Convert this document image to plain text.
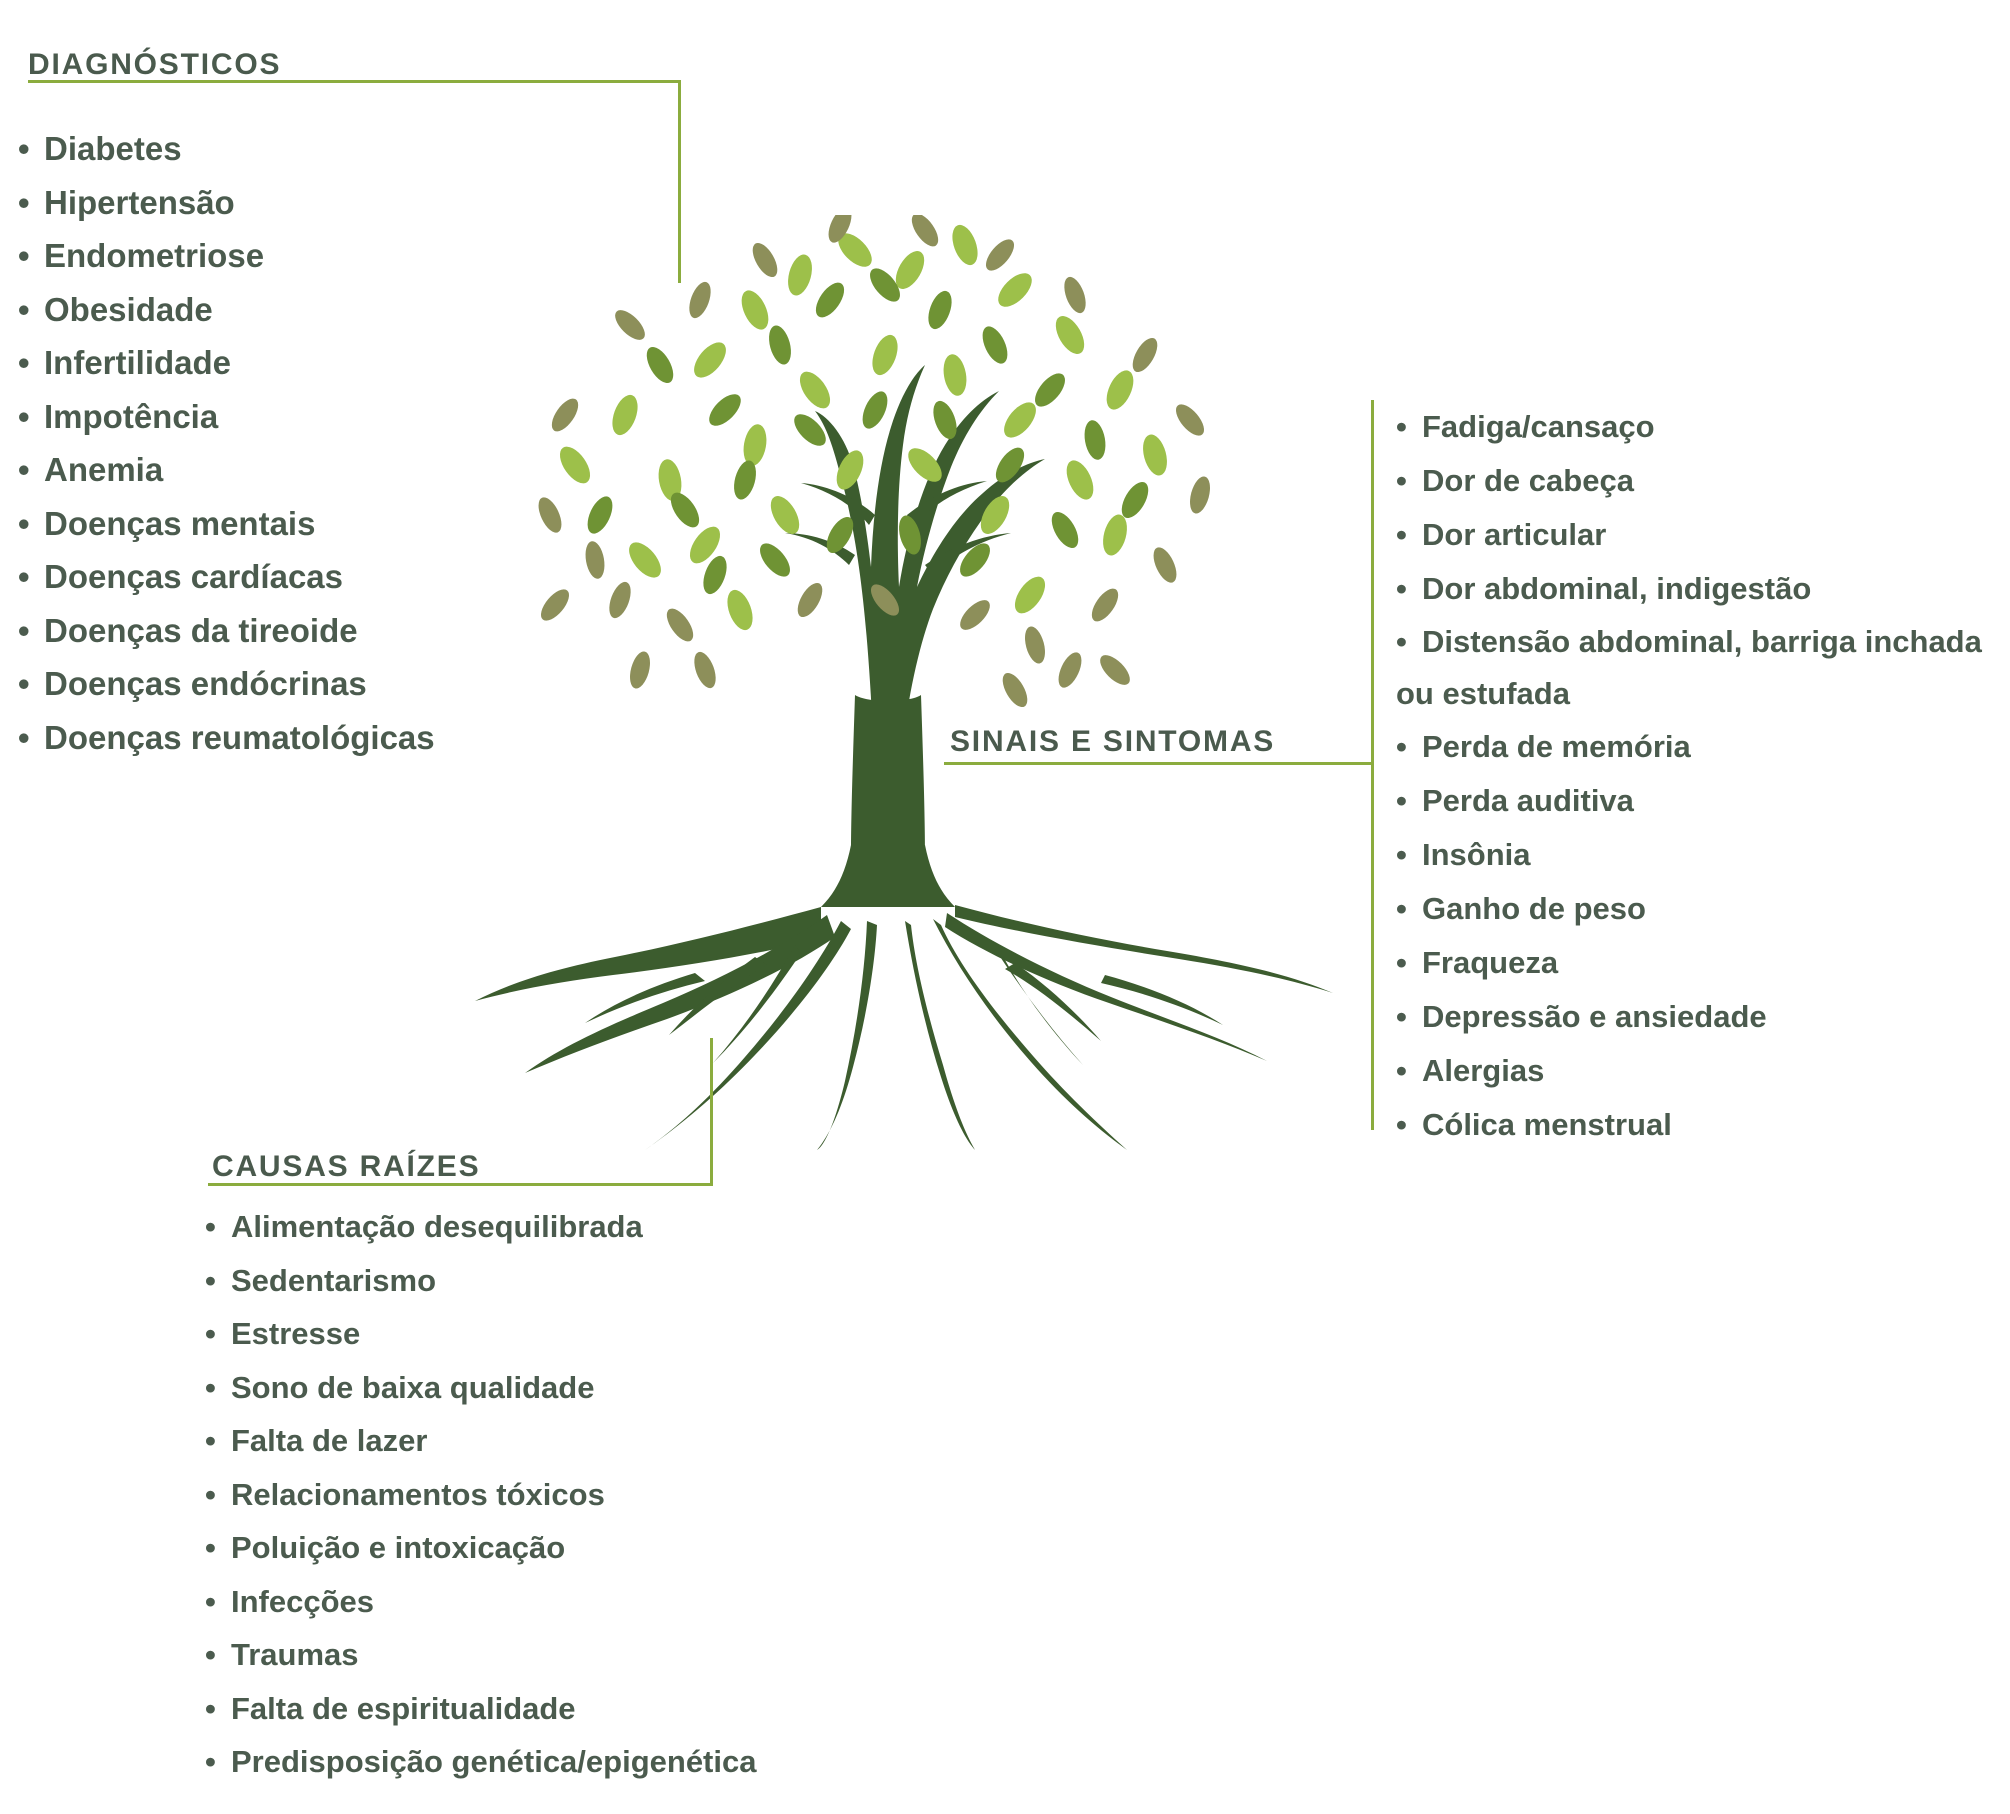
DIAGNÓSTICOS
• Diabetes
• Hipertensão
• Endometriose
• Obesidade
• Infertilidade
• Impotência
• Anemia
• Doenças mentais
• Doenças cardíacas
• Doenças da tireoide
• Doenças endócrinas
• Doenças reumatológicas	SINAIS E SINTOMAS
• Fadiga/cansaço
• Dor de cabeça
• Dor articular
• Dor abdominal, indigestão
• Distensão abdominal, barriga inchada ou estufada
• Perda de memória
• Perda auditiva
• Insônia
• Ganho de peso
• Fraqueza
• Depressão e ansiedade
• Alergias
• Cólica menstrual
CAUSAS RAÍZES
• Alimentação desequilibrada
• Sedentarismo
• Estresse
• Sono de baixa qualidade
• Falta de lazer
• Relacionamentos tóxicos
• Poluição e intoxicação
• Infecções
• Traumas
• Falta de espiritualidade
• Predisposição genética/epigenética
